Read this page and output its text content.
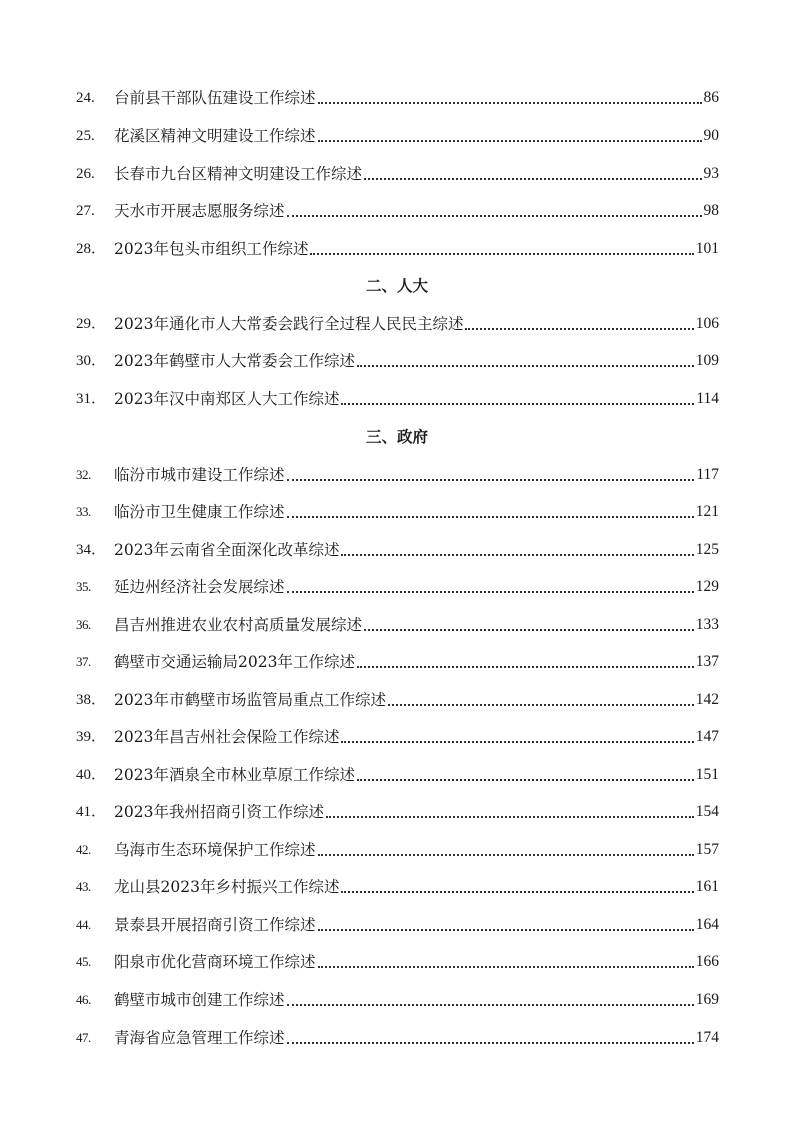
24.	台前县干部队伍建设工作综述	86
25.	花溪区精神文明建设工作综述	90
26.	长春市九台区精神文明建设工作综述	93
27.	天水市开展志愿服务综述	98
28． 2023年包头市组织工作综述	101
二、人大
29． 2023年通化市人大常委会践行全过程人民民主综述	106
30． 2023年鹤壁市人大常委会工作综述	109
31． 2023年汉中南郑区人大工作综述	114
三、政府
32.	临汾市城市建设工作综述	117
33.	临汾市卫生健康工作综述	121
34． 2023年云南省全面深化改革综述	125
35.	延边州经济社会发展综述	129
36.	昌吉州推进农业农村高质量发展综述	133
37.	鹤壁市交通运输局2023年工作综述	137
38． 2023年市鹤壁市场监管局重点工作综述	142
39． 2023年昌吉州社会保险工作综述	147
40． 2023年酒泉全市林业草原工作综述	151
41． 2023年我州招商引资工作综述	154
42.	乌海市生态环境保护工作综述	157
43.	龙山县2023年乡村振兴工作综述	161
44.	景泰县开展招商引资工作综述	164
45.	阳泉市优化营商环境工作综述	166
46.	鹤壁市城市创建工作综述	169
47.	青海省应急管理工作综述	174
